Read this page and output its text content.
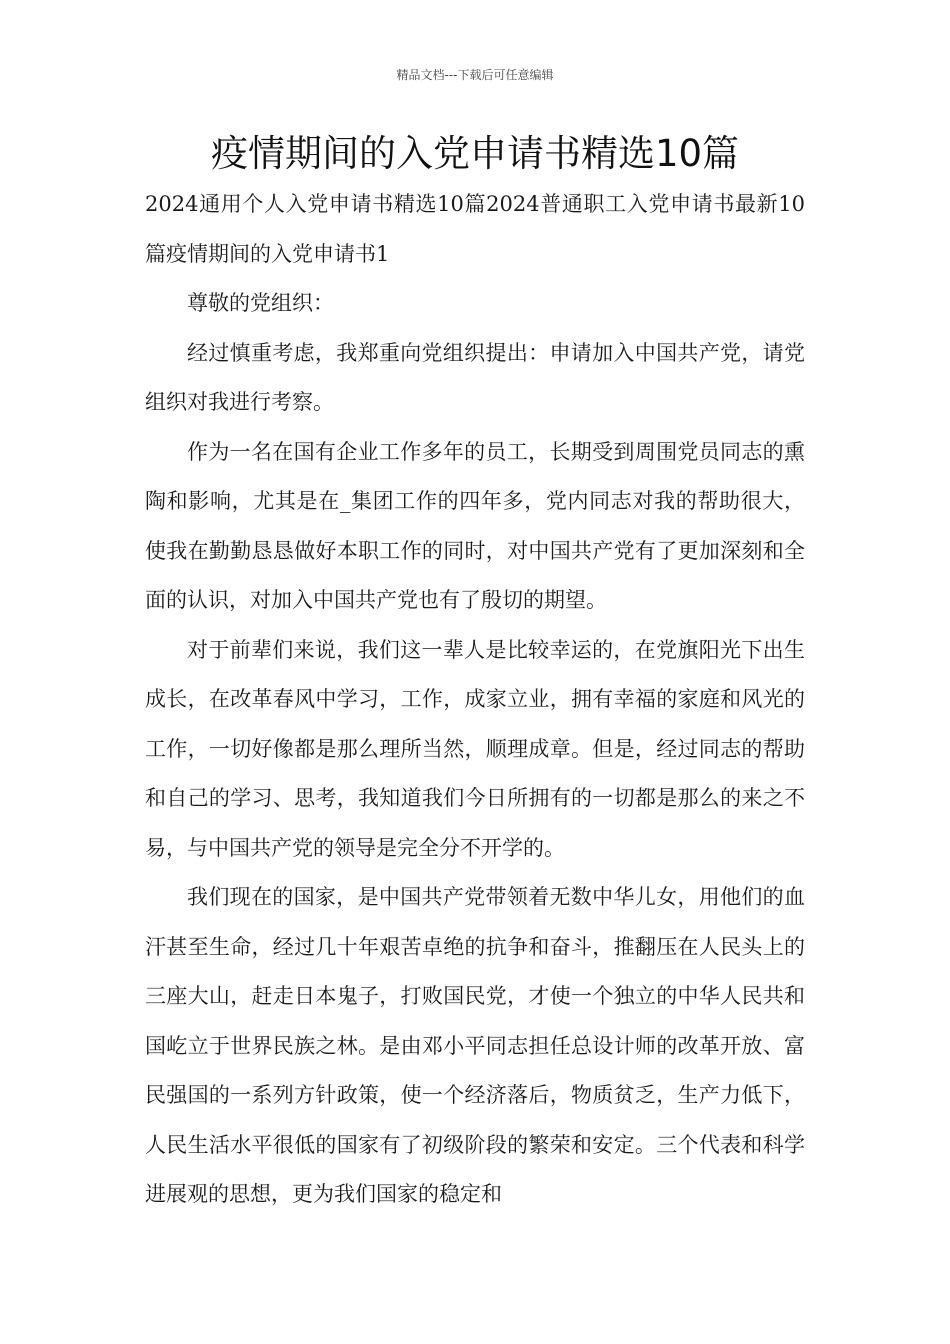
精品文档---下载后可任意编辑
疫情期间的入党申请书精选10篇

2024通用个人入党申请书精选10篇2024普通职工入党申请书最新10篇疫情期间的入党申请书1

尊敬的党组织：

经过慎重考虑，我郑重向党组织提出：申请加入中国共产党，请党组织对我进行考察。

作为一名在国有企业工作多年的员工，长期受到周围党员同志的熏陶和影响，尤其是在_集团工作的四年多，党内同志对我的帮助很大，使我在勤勤恳恳做好本职工作的同时，对中国共产党有了更加深刻和全面的认识，对加入中国共产党也有了殷切的期望。

对于前辈们来说，我们这一辈人是比较幸运的，在党旗阳光下出生成长，在改革春风中学习，工作，成家立业，拥有幸福的家庭和风光的工作，一切好像都是那么理所当然，顺理成章。但是，经过同志的帮助和自己的学习、思考，我知道我们今日所拥有的一切都是那么的来之不易，与中国共产党的领导是完全分不开学的。

我们现在的国家，是中国共产党带领着无数中华儿女，用他们的血汗甚至生命，经过几十年艰苦卓绝的抗争和奋斗，推翻压在人民头上的三座大山，赶走日本鬼子，打败国民党，才使一个独立的中华人民共和国屹立于世界民族之林。是由邓小平同志担任总设计师的改革开放、富民强国的一系列方针政策，使一个经济落后，物质贫乏，生产力低下，人民生活水平很低的国家有了初级阶段的繁荣和安定。三个代表和科学进展观的思想，更为我们国家的稳定和
